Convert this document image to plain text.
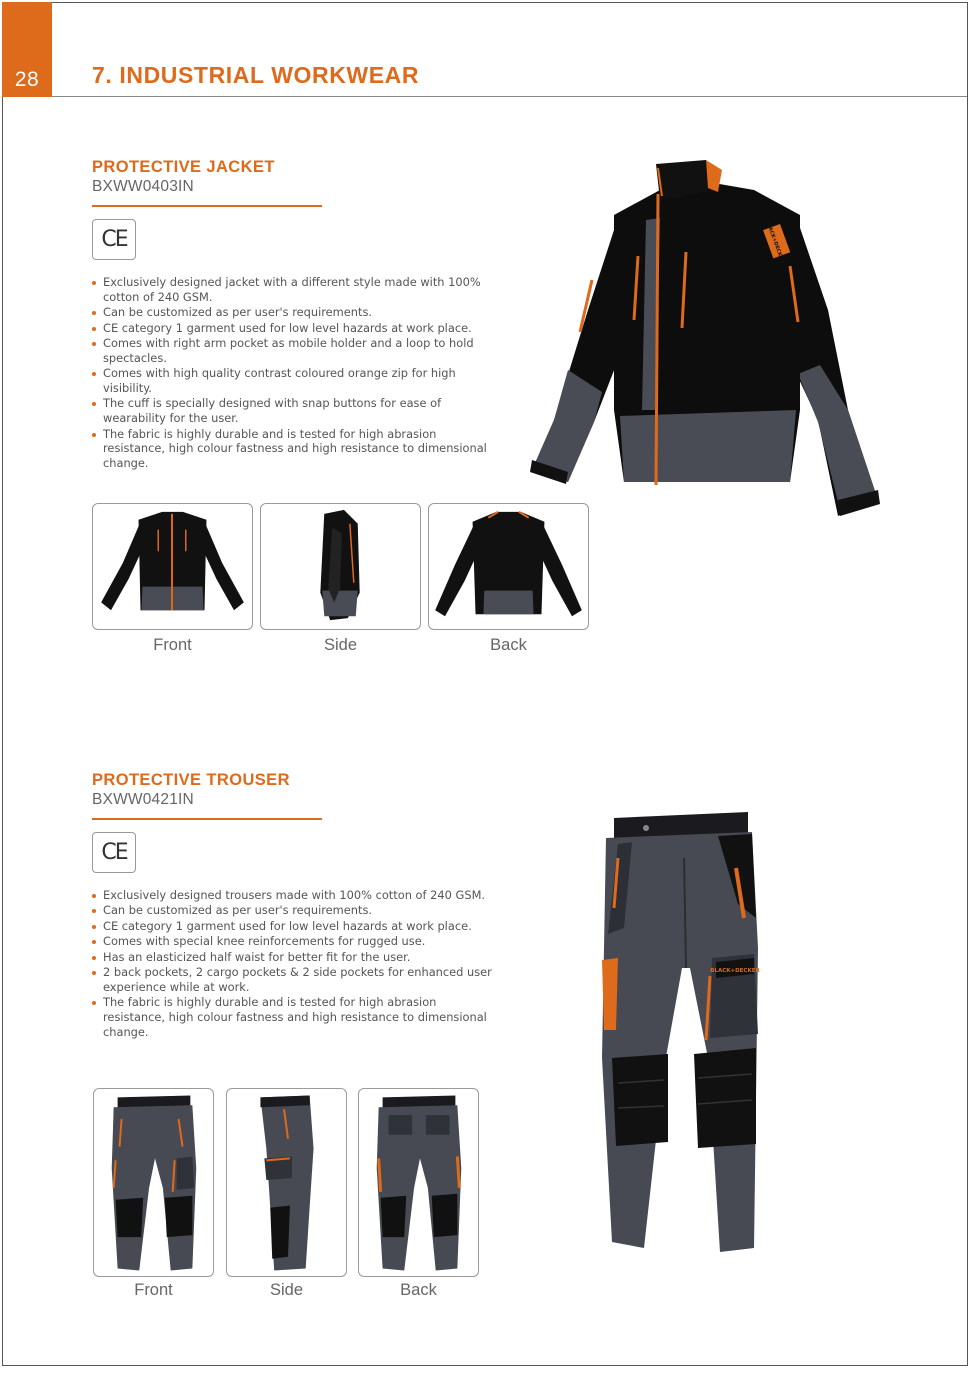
28	7. INDUSTRIAL WORKWEAR
PROTECTIVE JACKET
BXWW0403IN
CE
Exclusively designed jacket with a different style made with 100% cotton of 240 GSM.
Can be customized as per user's requirements.
CE category 1 garment used for low level hazards at work place.
Comes with right arm pocket as mobile holder and a loop to hold spectacles.
Comes with high quality contrast coloured orange zip for high visibility.
The cuff is specially designed with snap buttons for ease of wearability for the user.
The fabric is highly durable and is tested for high abrasion resistance, high colour fastness and high resistance to dimensional change.
BLACK+DECKER
Front	Side	Back
PROTECTIVE TROUSER
BXWW0421IN
CE
Exclusively designed trousers made with 100% cotton of 240 GSM.
Can be customized as per user's requirements.
CE category 1 garment used for low level hazards at work place.
Comes with special knee reinforcements for rugged use.
Has an elasticized half waist for better fit for the user.
2 back pockets, 2 cargo pockets & 2 side pockets for enhanced user experience while at work.
The fabric is highly durable and is tested for high abrasion resistance, high colour fastness and high resistance to dimensional change.
BLACK+DECKER
Front	Side	Back
